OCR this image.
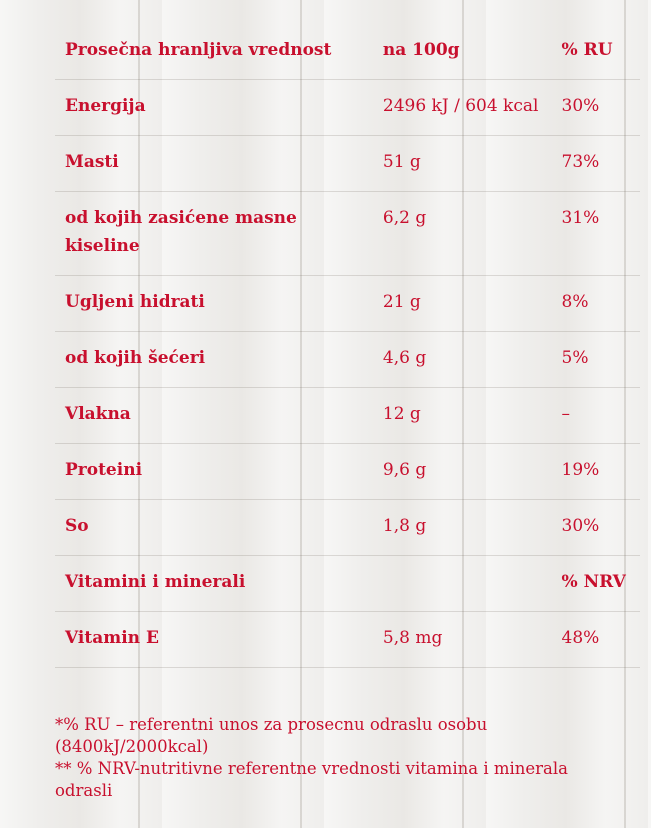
Prosečna hranljiva vrednost	na 100g	% RU
Energija	2496 kJ / 604 kcal	30%
Masti	51 g	73%
od kojih zasićene masne kiseline	6,2 g	31%
Ugljeni hidrati	21 g	8%
od kojih šećeri	4,6 g	5%
Vlakna	12 g	–
Proteini	9,6 g	19%
So	1,8 g	30%
Vitamini i minerali		% NRV
Vitamin E	5,8 mg	48%

*% RU – referentni unos za prosecnu odraslu osobu (8400kJ/2000kcal)

** % NRV-nutritivne referentne vrednosti vitamina i minerala odrasli
